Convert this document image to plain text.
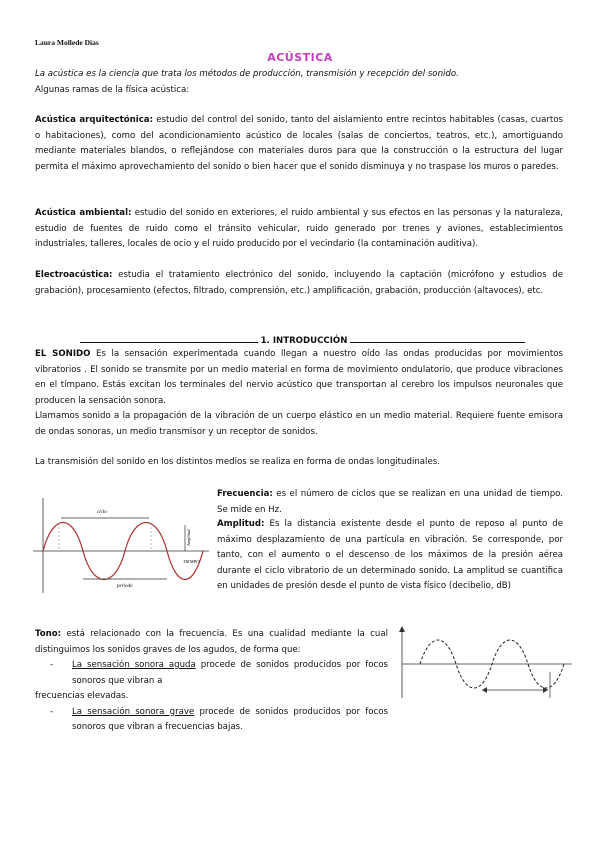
Laura Mollede Dias
ACÚSTICA

La acústica es la ciencia que trata los métodos de producción, transmisión y recepción del sonido.

Algunas ramas de la física acústica:

Acústica arquitectónica: estudio del control del sonido, tanto del aislamiento entre recintos habitables (casas, cuartos o habitaciones), como del acondicionamiento acústico de locales (salas de conciertos, teatros, etc.), amortiguando mediante materiales blandos, o reflejándose con materiales duros para que la construcción o la estructura del lugar permita el máximo aprovechamiento del sonido o bien hacer que el sonido disminuya y no traspase los muros o paredes.

Acústica ambiental: estudio del sonido en exteriores, el ruido ambiental y sus efectos en las personas y la naturaleza, estudio de fuentes de ruido como el tránsito vehicular, ruido generado por trenes y aviones, establecimientos industriales, talleres, locales de ocio y el ruido producido por el vecindario (la contaminación auditiva).

Electroacústica: estudia el tratamiento electrónico del sonido, incluyendo la captación (micrófono y estudios de grabación), procesamiento (efectos, filtrado, comprensión, etc.) amplificación, grabación, producción (altavoces), etc.

1. INTRODUCCIÓN

EL SONIDO Es la sensación experimentada cuando llegan a nuestro oído las ondas producidas por movimientos vibratorios . El sonido se transmite por un medio material en forma de movimiento ondulatorio, que produce vibraciones en el tímpano. Estás excitan los terminales del nervio acústico que transportan al cerebro los impulsos neuronales que producen la sensación sonora.

Llamamos sonido a la propagación de la vibración de un cuerpo elástico en un medio material. Requiere fuente emisora de ondas sonoras, un medio transmisor y un receptor de sonidos.

La transmisión del sonido en los distintos medios se realiza en forma de ondas longitudinales.

ciclo
Amplitud
TIEMPO
periodo

Frecuencia: es el número de ciclos que se realizan en una unidad de tiempo. Se mide en Hz.

Amplitud: Es la distancia existente desde el punto de reposo al punto de máximo desplazamiento de una partícula en vibración. Se corresponde, por tanto, con el aumento o el descenso de los máximos de la presión aérea durante el ciclo vibratorio de un determinado sonido. La amplitud se cuantifica en unidades de presión desde el punto de vista físico (decibelio, dB)

Tono: está relacionado con la frecuencia. Es una cualidad mediante la cual distinguimos los sonidos graves de los agudos, de forma que:
- La sensación sonora aguda procede de sonidos producidos por focos sonoros que vibran a
frecuencias elevadas.
- La sensación sonora grave procede de sonidos producidos por focos sonoros que vibran a frecuencias bajas.
